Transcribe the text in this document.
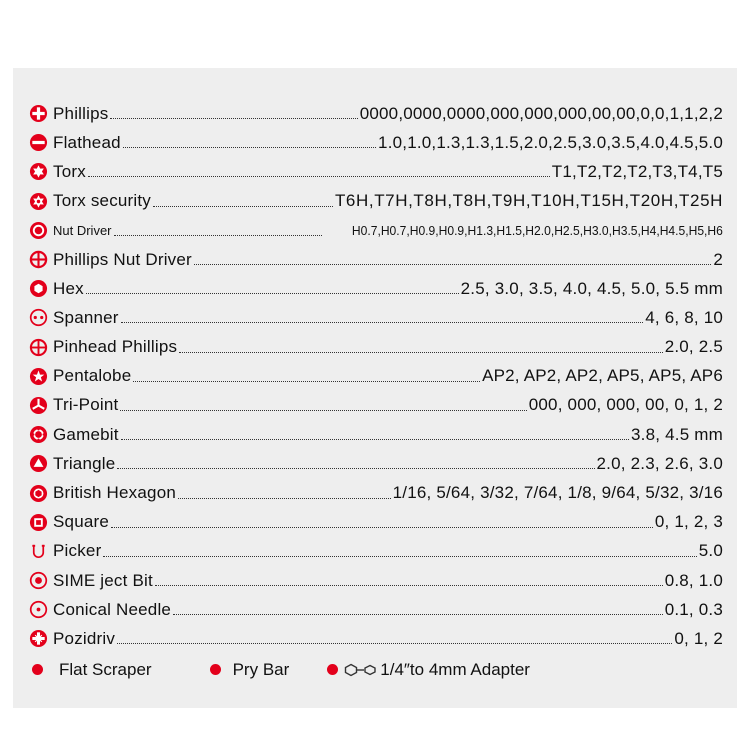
Phillips	0000,0000,0000,000,000,000,00,00,0,0,1,1,2,2
Flathead	1.0,1.0,1.3,1.3,1.5,2.0,2.5,3.0,3.5,4.0,4.5,5.0
Torx	T1,T2,T2,T2,T3,T4,T5
Torx security	T6H,T7H,T8H,T8H,T9H,T10H,T15H,T20H,T25H
Nut Driver	H0.7,H0.7,H0.9,H0.9,H1.3,H1.5,H2.0,H2.5,H3.0,H3.5,H4,H4.5,H5,H6
Phillips Nut Driver	2
Hex	2.5, 3.0, 3.5, 4.0, 4.5, 5.0, 5.5 mm
Spanner	4, 6, 8, 10
Pinhead Phillips	2.0, 2.5
Pentalobe	AP2, AP2, AP2, AP5, AP5, AP6
Tri-Point	000, 000, 000, 00, 0, 1, 2
Gamebit	3.8, 4.5 mm
Triangle	2.0, 2.3, 2.6, 3.0
British Hexagon	1/16, 5/64, 3/32, 7/64, 1/8, 9/64, 5/32, 3/16
Square	0, 1, 2, 3
Picker	5.0
SIME ject Bit	0.8, 1.0
Conical Needle	0.1, 0.3
Pozidriv	0, 1, 2
Flat Scraper	Pry Bar	1/4″to 4mm Adapter
